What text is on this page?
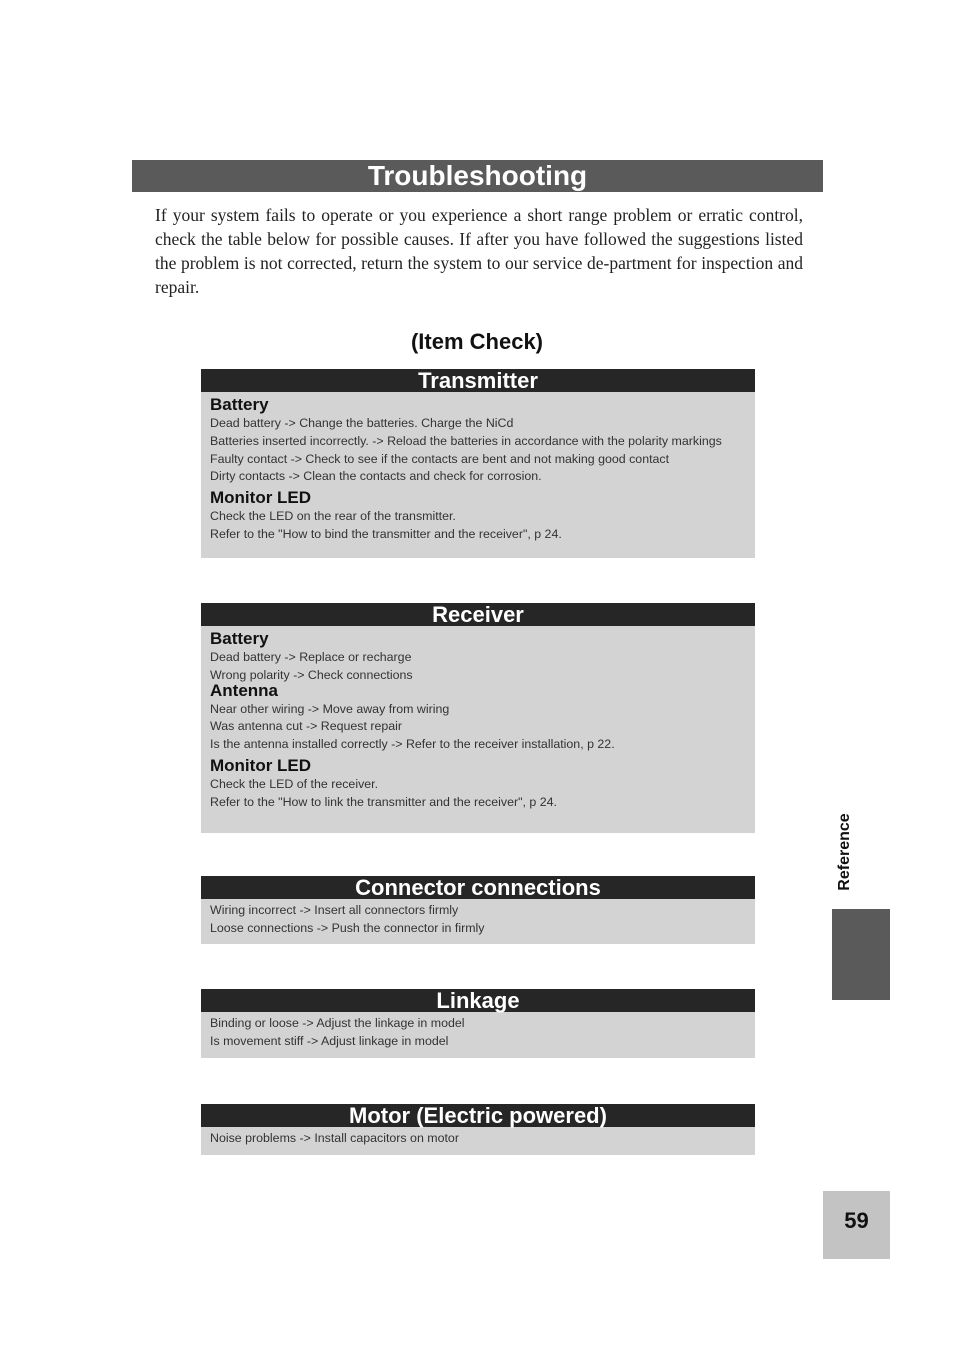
Troubleshooting

If your system fails to operate or you experience a short range problem or erratic control, check the table below for possible causes. If after you have followed the suggestions listed the problem is not corrected, return the system to our service de-partment for inspection and repair.

(Item Check)
Transmitter
Battery
Dead battery -> Change the batteries. Charge the NiCd
Batteries inserted incorrectly. -> Reload the batteries in accordance with the polarity markings
Faulty contact -> Check to see if the contacts are bent and not making good contact
Dirty contacts -> Clean the contacts and check for corrosion.
Monitor LED
Check the LED on the rear of the transmitter.
Refer to the "How to bind the transmitter and the receiver", p 24.
Receiver
Battery
Dead battery -> Replace or recharge
Wrong polarity -> Check connections
Antenna
Near other wiring -> Move away from wiring
Was antenna cut -> Request repair
Is the antenna installed correctly -> Refer to the receiver installation, p 22.
Monitor LED
Check the LED of the receiver.
Refer to the "How to link the transmitter and the receiver", p 24.
Connector connections
Wiring incorrect -> Insert all connectors firmly
Loose connections -> Push the connector in firmly
Linkage
Binding or loose -> Adjust the linkage in model
Is movement stiff -> Adjust linkage in model
Motor (Electric powered)
Noise problems -> Install capacitors on motor
Reference
59
